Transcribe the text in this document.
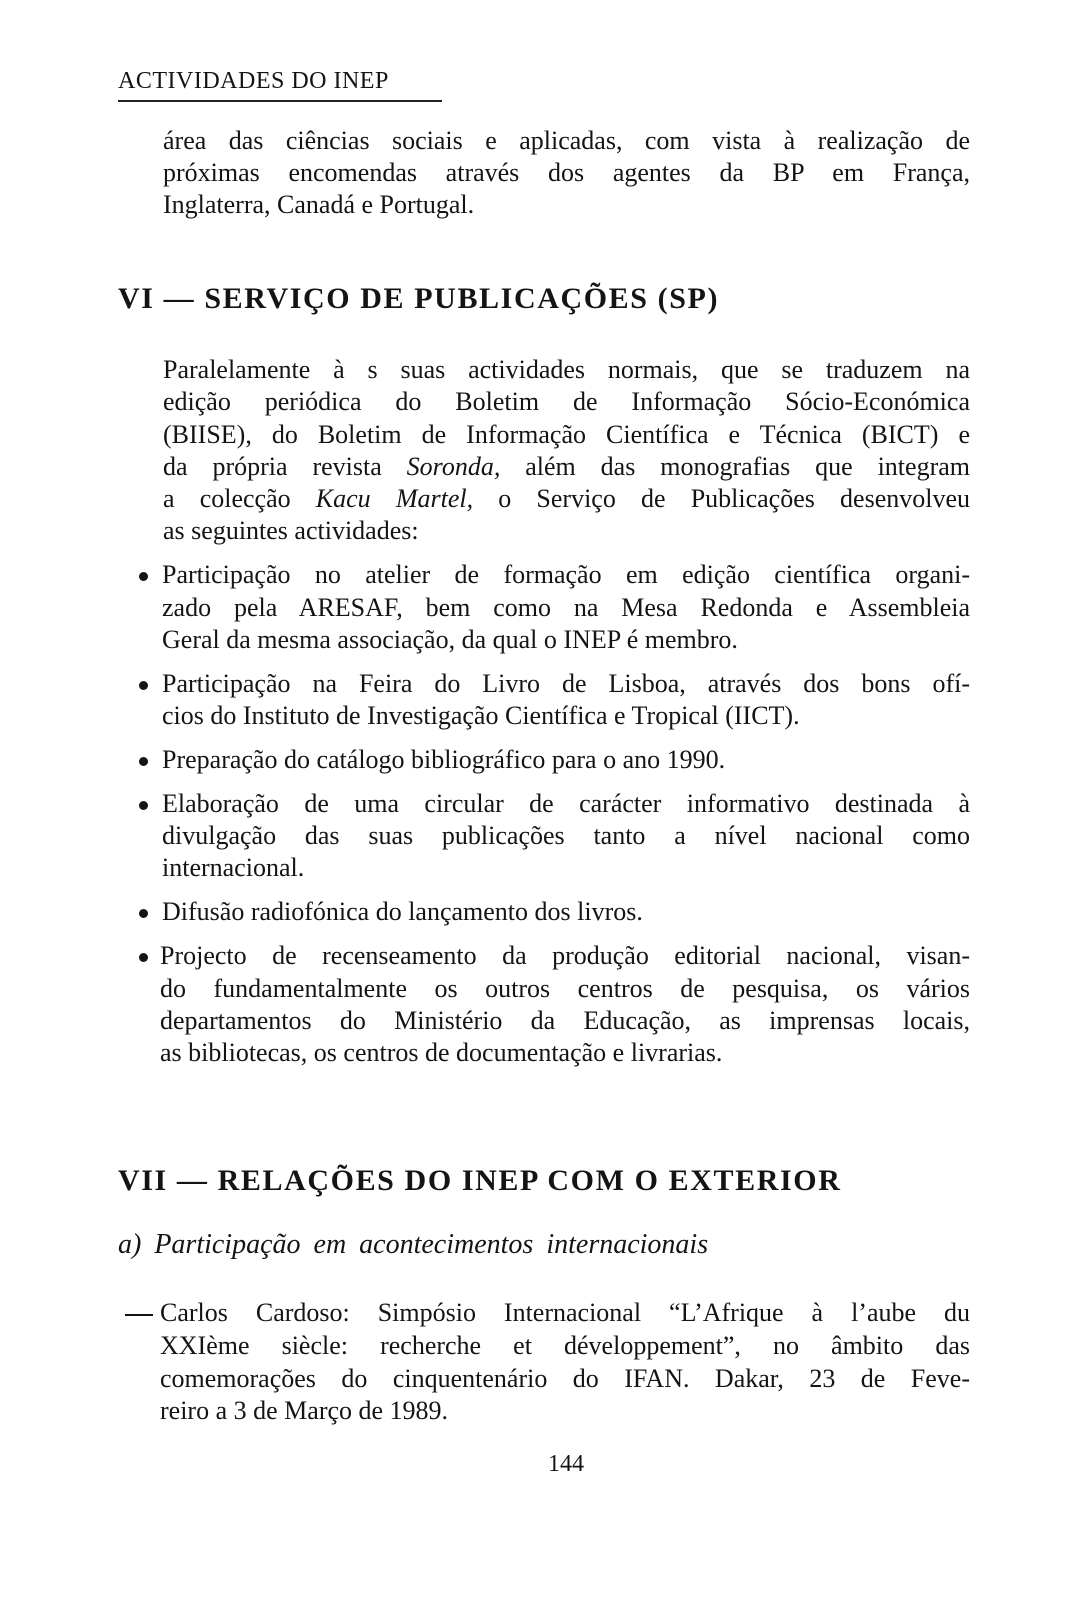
ACTIVIDADES DO INEP
VI — SERVIÇO DE PUBLICAÇÕES (SP)
VII — RELAÇÕES DO INEP COM O EXTERIOR
a) Participação em acontecimentos internacionais
144
área das ciências sociais e aplicadas, com vista à realização de
próximas encomendas através dos agentes da BP em França,
Inglaterra, Canadá e Portugal.
Paralelamente à s suas actividades normais, que se traduzem na
edição periódica do Boletim de Informação Sócio-Económica
(BIISE), do Boletim de Informação Científica e Técnica (BICT) e
da própria revista Soronda, além das monografias que integram
a colecção Kacu Martel, o Serviço de Publicações desenvolveu
as seguintes actividades:
Participação no atelier de formação em edição científica organi-
zado pela ARESAF, bem como na Mesa Redonda e Assembleia
Geral da mesma associação, da qual o INEP é membro.
Participação na Feira do Livro de Lisboa, através dos bons ofí-
cios do Instituto de Investigação Científica e Tropical (IICT).
Preparação do catálogo bibliográfico para o ano 1990.
Elaboração de uma circular de carácter informativo destinada à
divulgação das suas publicações tanto a nível nacional como
internacional.
Difusão radiofónica do lançamento dos livros.
Projecto de recenseamento da produção editorial nacional, visan-
do fundamentalmente os outros centros de pesquisa, os vários
departamentos do Ministério da Educação, as imprensas locais,
as bibliotecas, os centros de documentação e livrarias.
Carlos Cardoso: Simpósio Internacional “L’Afrique à l’aube du
XXIème siècle: recherche et développement”, no âmbito das
comemorações do cinquentenário do IFAN. Dakar, 23 de Feve-
reiro a 3 de Março de 1989.
